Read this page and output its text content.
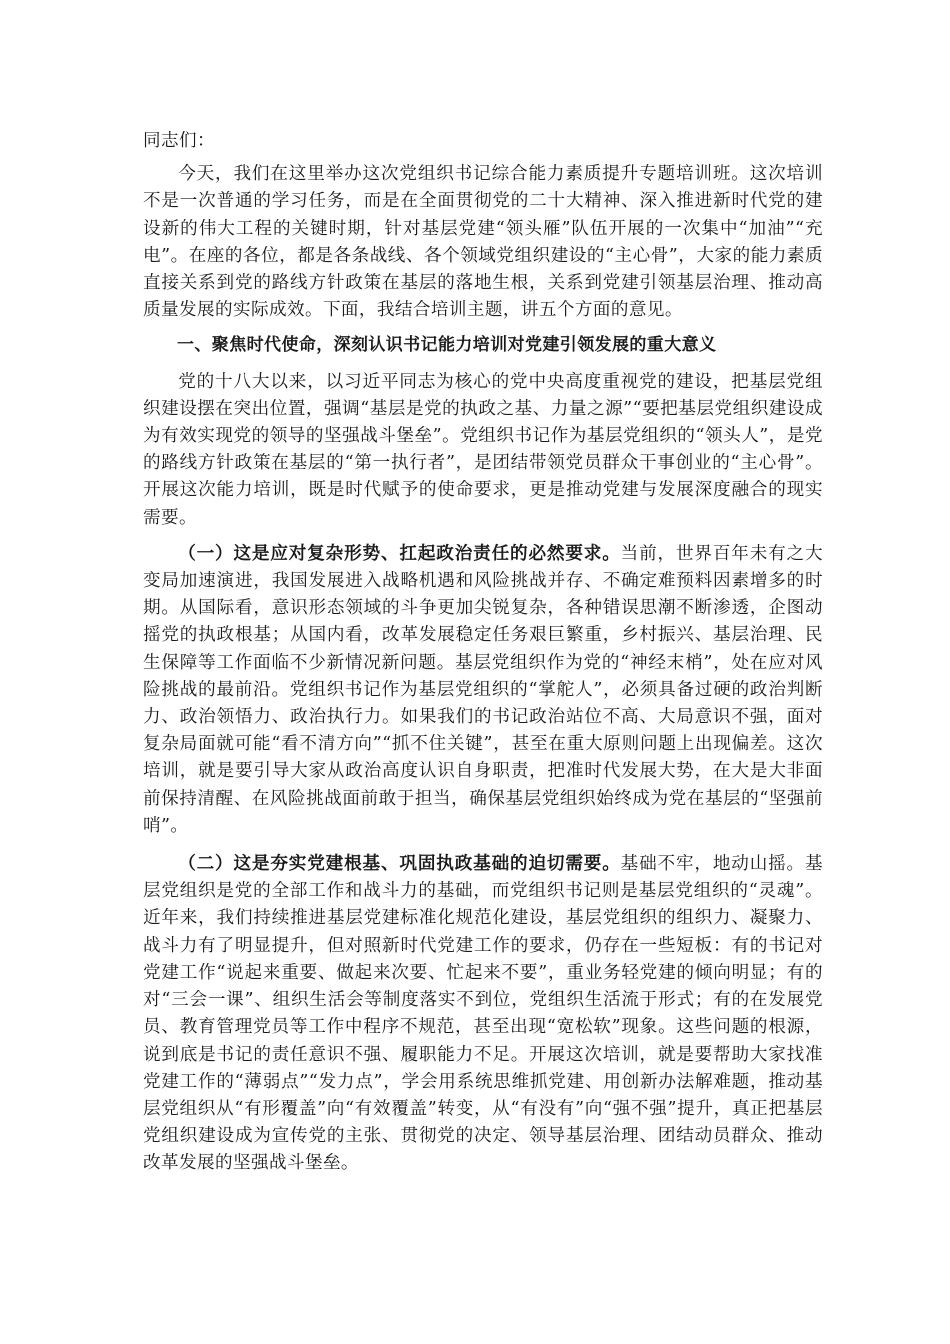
同志们：

今天，我们在这里举办这次党组织书记综合能力素质提升专题培训班。这次培训不是一次普通的学习任务，而是在全面贯彻党的二十大精神、深入推进新时代党的建设新的伟大工程的关键时期，针对基层党建“领头雁”队伍开展的一次集中“加油”“充电”。在座的各位，都是各条战线、各个领域党组织建设的“主心骨”，大家的能力素质直接关系到党的路线方针政策在基层的落地生根，关系到党建引领基层治理、推动高质量发展的实际成效。下面，我结合培训主题，讲五个方面的意见。

一、聚焦时代使命，深刻认识书记能力培训对党建引领发展的重大意义

党的十八大以来，以习近平同志为核心的党中央高度重视党的建设，把基层党组织建设摆在突出位置，强调“基层是党的执政之基、力量之源”“要把基层党组织建设成为有效实现党的领导的坚强战斗堡垒”。党组织书记作为基层党组织的“领头人”，是党的路线方针政策在基层的“第一执行者”，是团结带领党员群众干事创业的“主心骨”。开展这次能力培训，既是时代赋予的使命要求，更是推动党建与发展深度融合的现实需要。

（一）这是应对复杂形势、扛起政治责任的必然要求。当前，世界百年未有之大变局加速演进，我国发展进入战略机遇和风险挑战并存、不确定难预料因素增多的时期。从国际看，意识形态领域的斗争更加尖锐复杂，各种错误思潮不断渗透，企图动摇党的执政根基；从国内看，改革发展稳定任务艰巨繁重，乡村振兴、基层治理、民生保障等工作面临不少新情况新问题。基层党组织作为党的“神经末梢”，处在应对风险挑战的最前沿。党组织书记作为基层党组织的“掌舵人”，必须具备过硬的政治判断力、政治领悟力、政治执行力。如果我们的书记政治站位不高、大局意识不强，面对复杂局面就可能“看不清方向”“抓不住关键”，甚至在重大原则问题上出现偏差。这次培训，就是要引导大家从政治高度认识自身职责，把准时代发展大势，在大是大非面前保持清醒、在风险挑战面前敢于担当，确保基层党组织始终成为党在基层的“坚强前哨”。

（二）这是夯实党建根基、巩固执政基础的迫切需要。基础不牢，地动山摇。基层党组织是党的全部工作和战斗力的基础，而党组织书记则是基层党组织的“灵魂”。近年来，我们持续推进基层党建标准化规范化建设，基层党组织的组织力、凝聚力、战斗力有了明显提升，但对照新时代党建工作的要求，仍存在一些短板：有的书记对党建工作“说起来重要、做起来次要、忙起来不要”，重业务轻党建的倾向明显；有的对“三会一课”、组织生活会等制度落实不到位，党组织生活流于形式；有的在发展党员、教育管理党员等工作中程序不规范，甚至出现“宽松软”现象。这些问题的根源，说到底是书记的责任意识不强、履职能力不足。开展这次培训，就是要帮助大家找准党建工作的“薄弱点”“发力点”，学会用系统思维抓党建、用创新办法解难题，推动基层党组织从“有形覆盖”向“有效覆盖”转变，从“有没有”向“强不强”提升，真正把基层党组织建设成为宣传党的主张、贯彻党的决定、领导基层治理、团结动员群众、推动改革发展的坚强战斗堡垒。
